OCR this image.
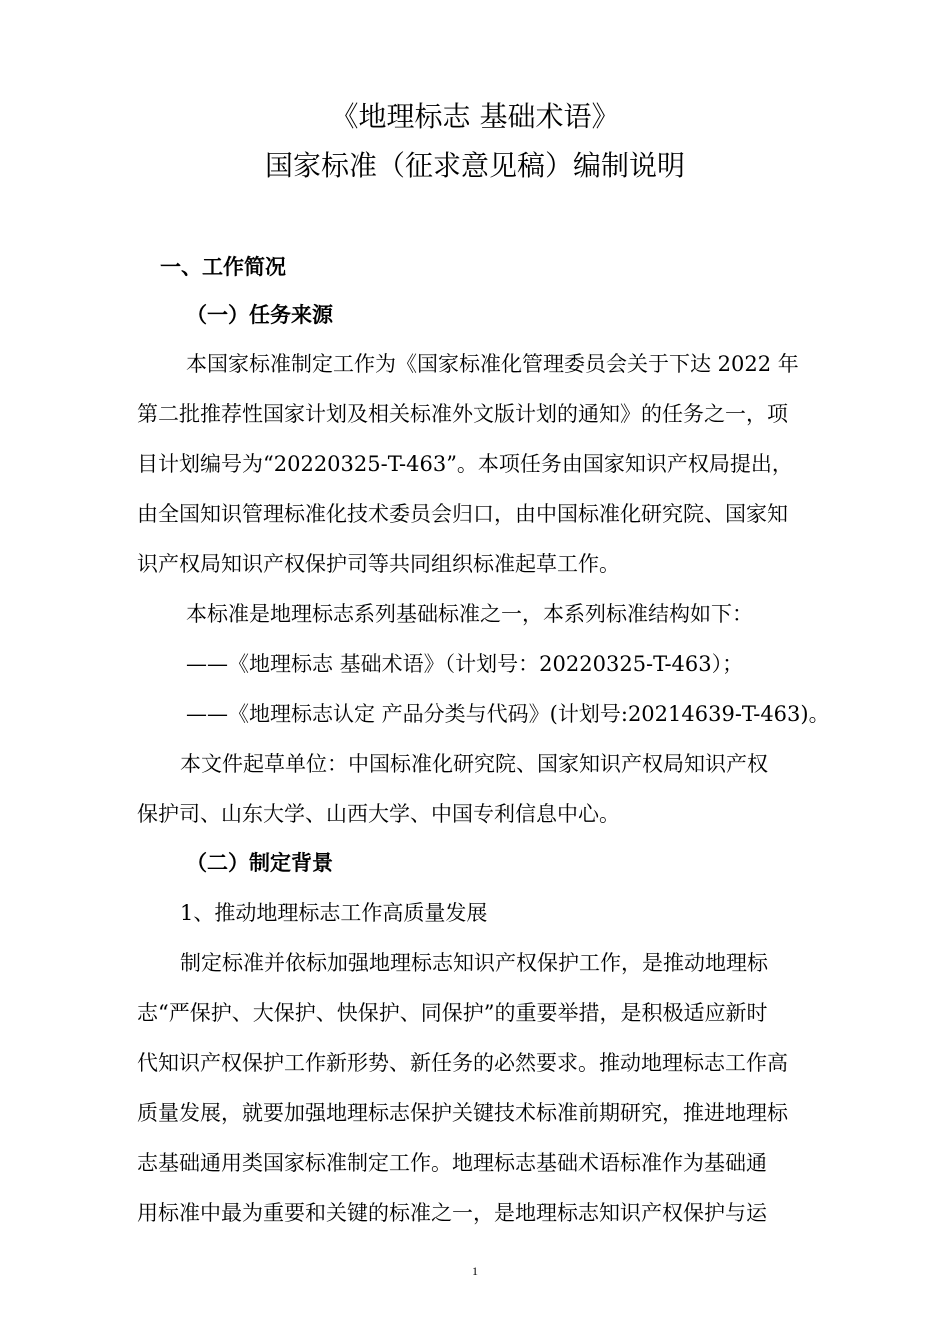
《地理标志 基础术语》
国家标准（征求意见稿）编制说明
一、工作简况
（一）任务来源
本国家标准制定工作为《国家标准化管理委员会关于下达 2022 年
第二批推荐性国家计划及相关标准外文版计划的通知》的任务之一，项
目计划编号为“20220325-T-463”。本项任务由国家知识产权局提出，
由全国知识管理标准化技术委员会归口，由中国标准化研究院、国家知
识产权局知识产权保护司等共同组织标准起草工作。
本标准是地理标志系列基础标准之一，本系列标准结构如下：
——《地理标志 基础术语》（计划号：20220325-T-463）；
——《地理标志认定 产品分类与代码》(计划号:20214639-T-463)。
本文件起草单位：中国标准化研究院、国家知识产权局知识产权
保护司、山东大学、山西大学、中国专利信息中心。
（二）制定背景
1、推动地理标志工作高质量发展
制定标准并依标加强地理标志知识产权保护工作，是推动地理标
志“严保护、大保护、快保护、同保护”的重要举措，是积极适应新时
代知识产权保护工作新形势、新任务的必然要求。推动地理标志工作高
质量发展，就要加强地理标志保护关键技术标准前期研究，推进地理标
志基础通用类国家标准制定工作。地理标志基础术语标准作为基础通
用标准中最为重要和关键的标准之一，是地理标志知识产权保护与运
1
